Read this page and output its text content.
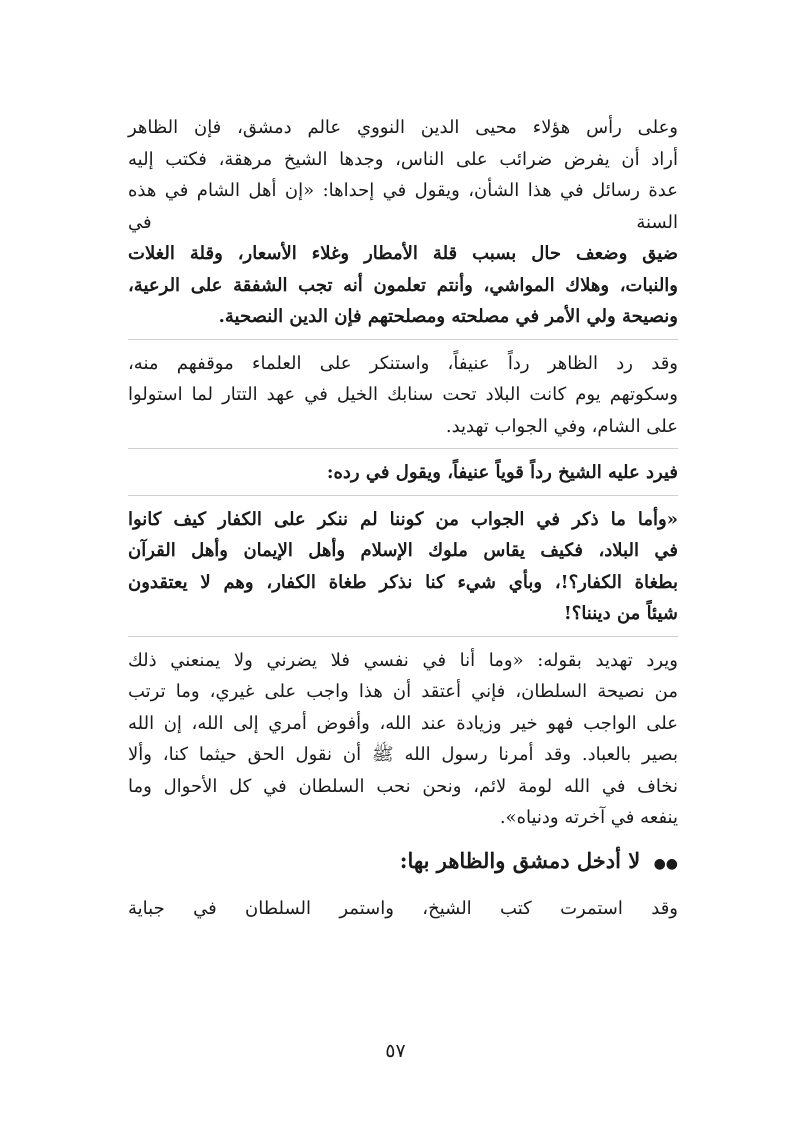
وعلى رأس هؤلاء محيى الدين النووي عالم دمشق، فإن الظاهر
أراد أن يفرض ضرائب على الناس، وجدها الشيخ مرهقة، فكتب إليه
عدة رسائل في هذا الشأن، ويقول في إحداها: «إن أهل الشام في هذه السنة في
ضيق وضعف حال بسبب قلة الأمطار وغلاء الأسعار، وقلة الغلات
والنبات، وهلاك المواشي، وأنتم تعلمون أنه تجب الشفقة على الرعية،
ونصيحة ولي الأمر في مصلحته ومصلحتهم فإن الدين النصحية.

وقد رد الظاهر رداً عنيفاً، واستنكر على العلماء موقفهم منه،
وسكوتهم يوم كانت البلاد تحت سنابك الخيل في عهد التتار لما استولوا
على الشام، وفي الجواب تهديد.

فيرد عليه الشيخ رداً قوياً عنيفاً، ويقول في رده:

«وأما ما ذكر في الجواب من كوننا لم ننكر على الكفار كيف كانوا
في البلاد، فكيف يقاس ملوك الإسلام وأهل الإيمان وأهل القرآن
بطغاة الكفار؟!، وبأي شيء كنا نذكر طغاة الكفار، وهم لا يعتقدون
شيئاً من ديننا؟!

ويرد تهديد بقوله: «وما أنا في نفسي فلا يضرني ولا يمنعني ذلك
من نصيحة السلطان، فإني أعتقد أن هذا واجب على غيري، وما ترتب
على الواجب فهو خير وزيادة عند الله، وأفوض أمري إلى الله، إن الله
بصير بالعباد. وقد أمرنا رسول الله ﷺ أن نقول الحق حيثما كنا، وألا
نخاف في الله لومة لائم، ونحن نحب السلطان في كل الأحوال وما
ينفعه في آخرته ودنياه».

●● لا أدخل دمشق والظاهر بها:

وقد استمرت كتب الشيخ، واستمر السلطان في جباية

٥٧
